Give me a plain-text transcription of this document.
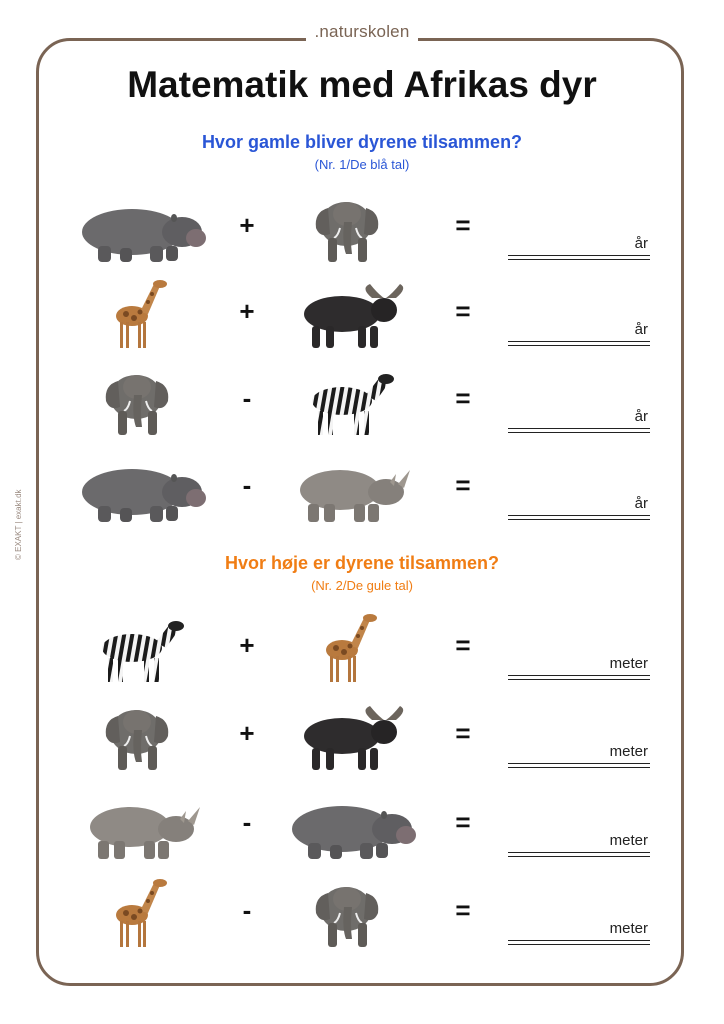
.naturskolen
Matematik med Afrikas dyr
© EXAKT | exakt.dk
Hvor gamle bliver dyrene tilsammen?
(Nr. 1/De blå tal)
+	=
år
+	=
år
-	=
år
-	=
år
Hvor høje er dyrene tilsammen?
(Nr. 2/De gule tal)
+	=
meter
+	=
meter
-	=
meter
-	=
meter
